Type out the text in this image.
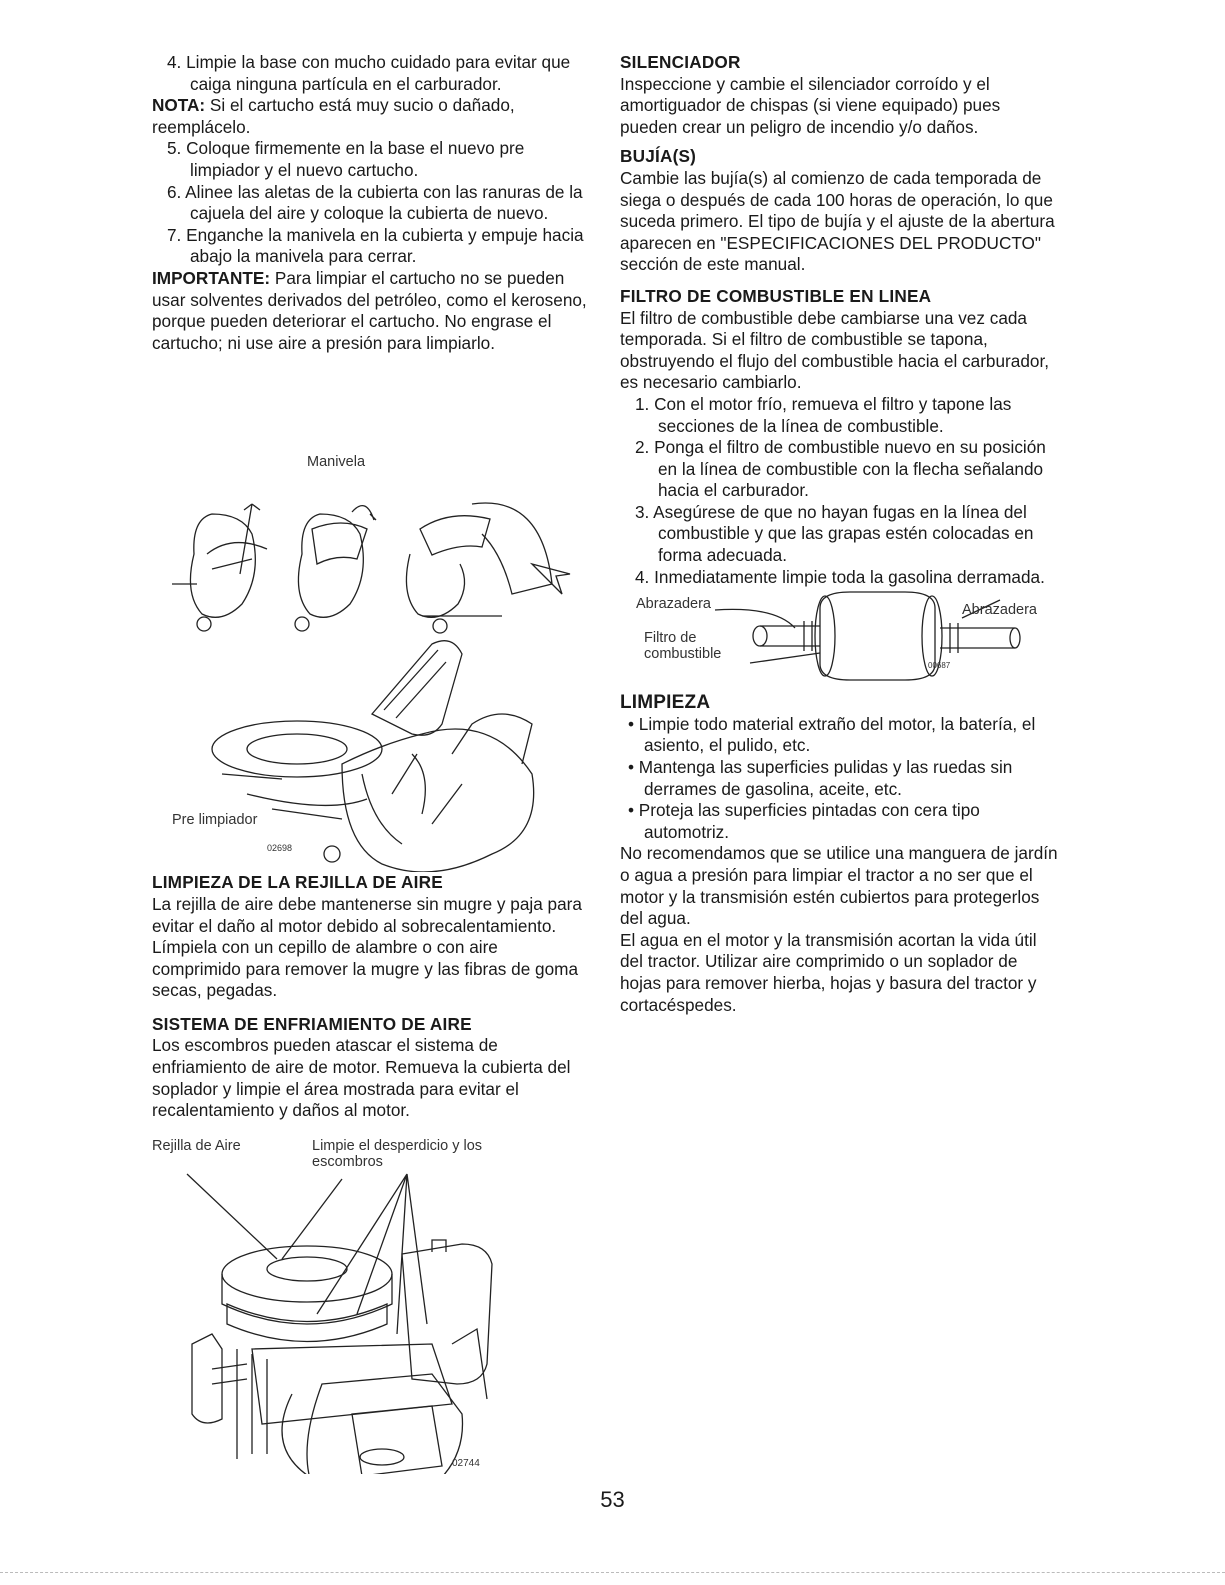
4. Limpie la base con mucho cuidado para evitar que caiga ninguna partícula en el carburador.

NOTA: Si el cartucho está muy sucio o dañado, reemplácelo.

5. Coloque firmemente en la base el nuevo pre limpiador y el nuevo cartucho.

6. Alinee las aletas de la cubierta con las ranuras de la cajuela del aire y coloque la cubierta de nuevo.

7. Enganche la manivela en la cubierta y empuje hacia abajo la manivela para cerrar.

IMPORTANTE: Para limpiar el cartucho no se pueden usar solventes derivados del petróleo, como el keroseno, porque pueden deteriorar el cartucho. No engrase el cartucho; ni use aire a presión para limpiarlo.

Manivela
Pre limpiador
02698

LIMPIEZA DE LA REJILLA DE AIRE

La rejilla de aire debe mantenerse sin mugre y paja para evitar el daño al motor debido al sobrecalentamiento. Límpiela con un cepillo de alambre o con aire comprimido para remover la mugre y las fibras de goma secas, pegadas.

SISTEMA DE ENFRIAMIENTO DE AIRE

Los escombros pueden atascar el sistema de enfriamiento de aire de motor. Remueva la cubierta del soplador y limpie el área mostrada para evitar el recalentamiento y daños al motor.

Rejilla de Aire	Limpie el desperdicio y los escombros
02744

SILENCIADOR

Inspeccione y cambie el silenciador corroído y el amortiguador de chispas (si viene equipado) pues pueden crear un peligro de incendio y/o daños.

BUJÍA(S)

Cambie las bujía(s) al comienzo de cada temporada de siega o después de cada 100 horas de operación, lo que suceda primero. El tipo de bujía y el ajuste de la abertura aparecen en "ESPECIFICACIONES DEL PRODUCTO" sección de este manual.

FILTRO DE COMBUSTIBLE EN LINEA

El filtro de combustible debe cambiarse una vez cada temporada. Si el filtro de combustible se tapona, obstruyendo el flujo del combustible hacia el carburador, es necesario cambiarlo.

1. Con el motor frío, remueva el filtro y tapone las secciones de la línea de combustible.

2. Ponga el filtro de combustible nuevo en su posición en la línea de combustible con la flecha señalando hacia el carburador.

3. Asegúrese de que no hayan fugas en la línea del combustible y que las grapas estén colocadas en forma adecuada.

4. Inmediatamente limpie toda la gasolina derramada.

Abrazadera	Abrazadera
Filtro de combustible
00687

LIMPIEZA

• Limpie todo material extraño del motor, la batería, el asiento, el pulido, etc.

• Mantenga las superficies pulidas y las ruedas sin derrames de gasolina, aceite, etc.

• Proteja las superficies pintadas con cera tipo automotriz.

No recomendamos que se utilice una manguera de jardín o agua a presión para limpiar el tractor a no ser que el motor y la transmisión estén cubiertos para protegerlos del agua.

El agua en el motor y la transmisión acortan la vida útil del tractor. Utilizar aire comprimido o un soplador de hojas para remover hierba, hojas y basura del tractor y cortacéspedes.

53
